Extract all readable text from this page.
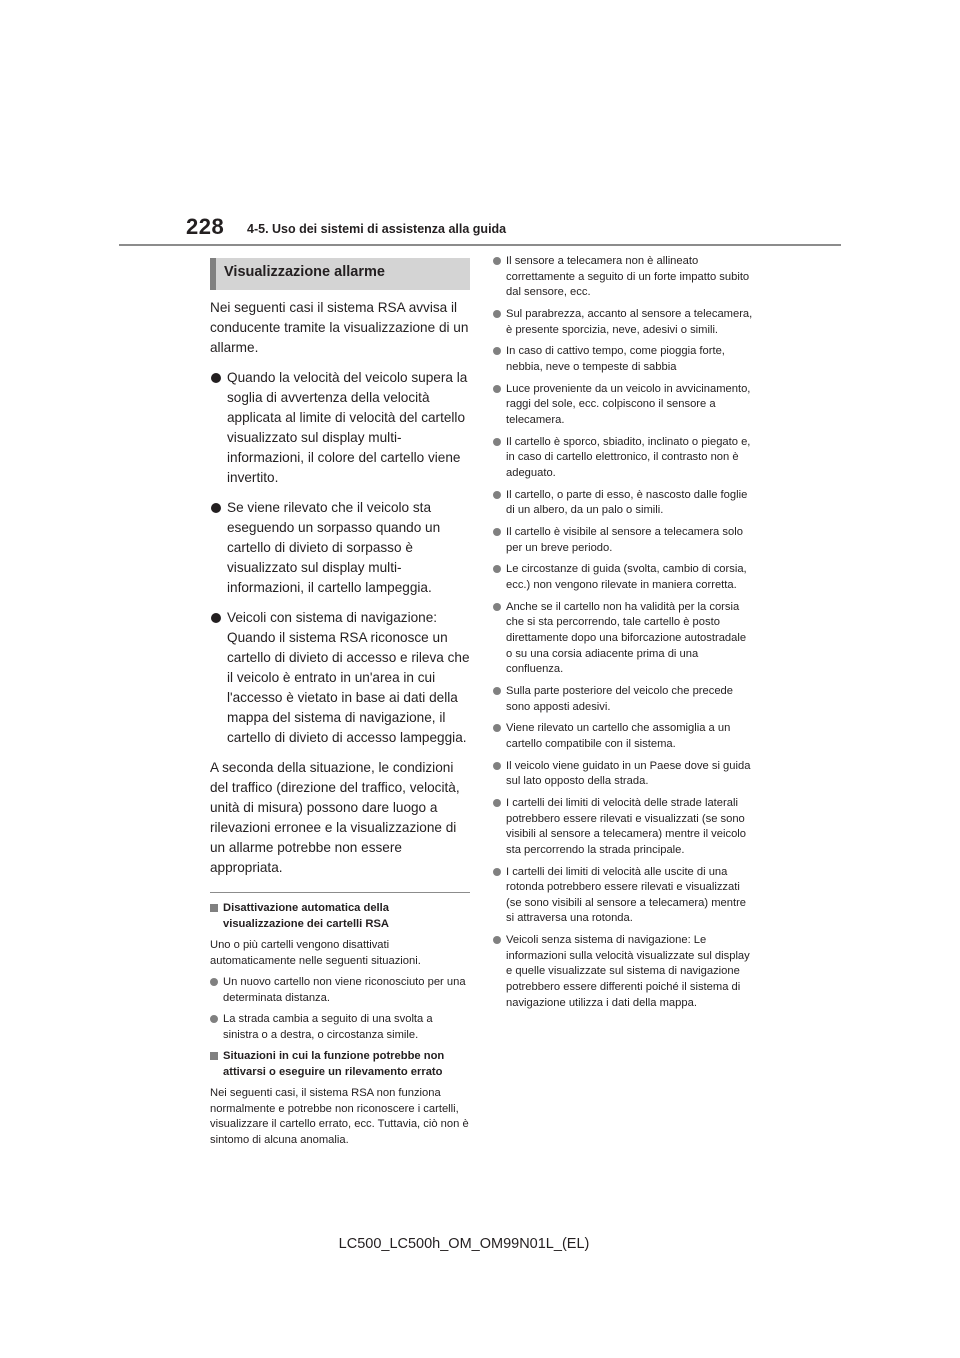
228 4-5. Uso dei sistemi di assistenza alla guida
Visualizzazione allarme
Nei seguenti casi il sistema RSA avvisa il conducente tramite la visualizzazione di un allarme.
Quando la velocità del veicolo supera la soglia di avvertenza della velocità applicata al limite di velocità del cartello visualizzato sul display multi-informazioni, il colore del cartello viene invertito.
Se viene rilevato che il veicolo sta eseguendo un sorpasso quando un cartello di divieto di sorpasso è visualizzato sul display multi-informazioni, il cartello lampeggia.
Veicoli con sistema di navigazione: Quando il sistema RSA riconosce un cartello di divieto di accesso e rileva che il veicolo è entrato in un'area in cui l'accesso è vietato in base ai dati della mappa del sistema di navigazione, il cartello di divieto di accesso lampeggia.
A seconda della situazione, le condizioni del traffico (direzione del traffico, velocità, unità di misura) possono dare luogo a rilevazioni erronee e la visualizzazione di un allarme potrebbe non essere appropriata.
Disattivazione automatica della visualizzazione dei cartelli RSA
Uno o più cartelli vengono disattivati automaticamente nelle seguenti situazioni.
Un nuovo cartello non viene riconosciuto per una determinata distanza.
La strada cambia a seguito di una svolta a sinistra o a destra, o circostanza simile.
Situazioni in cui la funzione potrebbe non attivarsi o eseguire un rilevamento errato
Nei seguenti casi, il sistema RSA non funziona normalmente e potrebbe non riconoscere i cartelli, visualizzare il cartello errato, ecc. Tuttavia, ciò non è sintomo di alcuna anomalia.
Il sensore a telecamera non è allineato correttamente a seguito di un forte impatto subito dal sensore, ecc.
Sul parabrezza, accanto al sensore a telecamera, è presente sporcizia, neve, adesivi o simili.
In caso di cattivo tempo, come pioggia forte, nebbia, neve o tempeste di sabbia
Luce proveniente da un veicolo in avvicinamento, raggi del sole, ecc. colpiscono il sensore a telecamera.
Il cartello è sporco, sbiadito, inclinato o piegato e, in caso di cartello elettronico, il contrasto non è adeguato.
Il cartello, o parte di esso, è nascosto dalle foglie di un albero, da un palo o simili.
Il cartello è visibile al sensore a telecamera solo per un breve periodo.
Le circostanze di guida (svolta, cambio di corsia, ecc.) non vengono rilevate in maniera corretta.
Anche se il cartello non ha validità per la corsia che si sta percorrendo, tale cartello è posto direttamente dopo una biforcazione autostradale o su una corsia adiacente prima di una confluenza.
Sulla parte posteriore del veicolo che precede sono apposti adesivi.
Viene rilevato un cartello che assomiglia a un cartello compatibile con il sistema.
Il veicolo viene guidato in un Paese dove si guida sul lato opposto della strada.
I cartelli dei limiti di velocità delle strade laterali potrebbero essere rilevati e visualizzati (se sono visibili al sensore a telecamera) mentre il veicolo sta percorrendo la strada principale.
I cartelli dei limiti di velocità alle uscite di una rotonda potrebbero essere rilevati e visualizzati (se sono visibili al sensore a telecamera) mentre si attraversa una rotonda.
Veicoli senza sistema di navigazione: Le informazioni sulla velocità visualizzate sul display e quelle visualizzate sul sistema di navigazione potrebbero essere differenti poiché il sistema di navigazione utilizza i dati della mappa.
LC500_LC500h_OM_OM99N01L_(EL)
